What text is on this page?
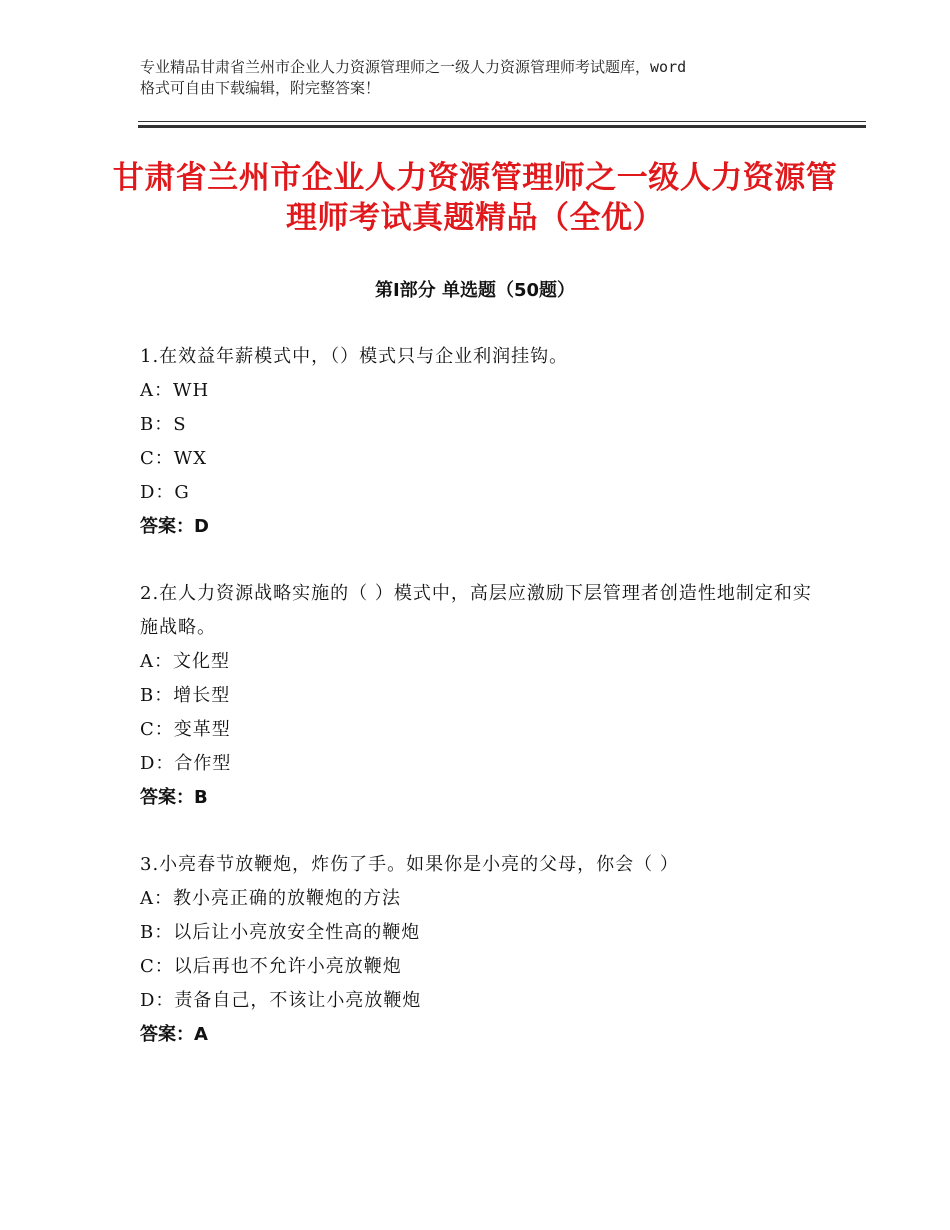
专业精品甘肃省兰州市企业人力资源管理师之一级人力资源管理师考试题库，word
格式可自由下载编辑，附完整答案！
甘肃省兰州市企业人力资源管理师之一级人力资源管理师考试真题精品（全优）
第Ⅰ部分 单选题（50题）

1.在效益年薪模式中，（）模式只与企业利润挂钩。

A：WH

B：S

C：WX

D：G

答案：D

2.在人力资源战略实施的（ ）模式中，高层应激励下层管理者创造性地制定和实施战略。

A：文化型

B：增长型

C：变革型

D：合作型

答案：B

3.小亮春节放鞭炮，炸伤了手。如果你是小亮的父母，你会（ ）

A：教小亮正确的放鞭炮的方法

B：以后让小亮放安全性高的鞭炮

C：以后再也不允许小亮放鞭炮

D：责备自己，不该让小亮放鞭炮

答案：A
